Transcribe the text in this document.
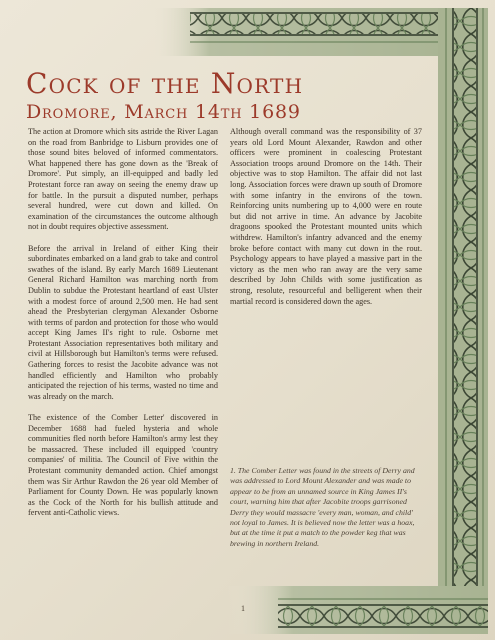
Cock of the North
Dromore, March 14th 1689

The action at Dromore which sits astride the River Lagan on the road from Banbridge to Lisburn provides one of those sound bites beloved of informed commentators. What happened there has gone down as the 'Break of Dromore'. Put simply, an ill-equipped and badly led Protestant force ran away on seeing the enemy draw up for battle. In the pursuit a disputed number, perhaps several hundred, were cut down and killed. On examination of the circumstances the outcome although not in doubt requires objective assessment.

Before the arrival in Ireland of either King their subordinates embarked on a land grab to take and control swathes of the island. By early March 1689 Lieutenant General Richard Hamilton was marching north from Dublin to subdue the Protestant heartland of east Ulster with a modest force of around 2,500 men. He had sent ahead the Presbyterian clergyman Alexander Osborne with terms of pardon and protection for those who would accept King James II's right to rule. Osborne met Protestant Association representatives both military and civil at Hillsborough but Hamilton's terms were refused. Gathering forces to resist the Jacobite advance was not handled efficiently and Hamilton who probably anticipated the rejection of his terms, wasted no time and was already on the march.

The existence of the Comber Letter' discovered in December 1688 had fueled hysteria and whole communities fled north before Hamilton's army lest they be massacred. These included ill equipped 'country companies' of militia. The Council of Five within the Protestant community demanded action. Chief amongst them was Sir Arthur Rawdon the 26 year old Member of Parliament for County Down. He was popularly known as the Cock of the North for his bullish attitude and fervent anti-Catholic views.

Although overall command was the responsibility of 37 years old Lord Mount Alexander, Rawdon and other officers were prominent in coalescing Protestant Association troops around Dromore on the 14th. Their objective was to stop Hamilton. The affair did not last long. Association forces were drawn up south of Dromore with some infantry in the environs of the town. Reinforcing units numbering up to 4,000 were en route but did not arrive in time. An advance by Jacobite dragoons spooked the Protestant mounted units which withdrew. Hamilton's infantry advanced and the enemy broke before contact with many cut down in the rout. Psychology appears to have played a massive part in the victory as the men who ran away are the very same described by John Childs with some justification as strong, resolute, resourceful and belligerent when their martial record is considered down the ages.

1. The Comber Letter was found in the streets of Derry and was addressed to Lord Mount Alexander and was made to appear to be from an unnamed source in King James II's court, warning him that after Jacobite troops garrisoned Derry they would massacre 'every man, woman, and child' not loyal to James. It is believed now the letter was a hoax, but at the time it put a match to the powder keg that was brewing in northern Ireland.
1
